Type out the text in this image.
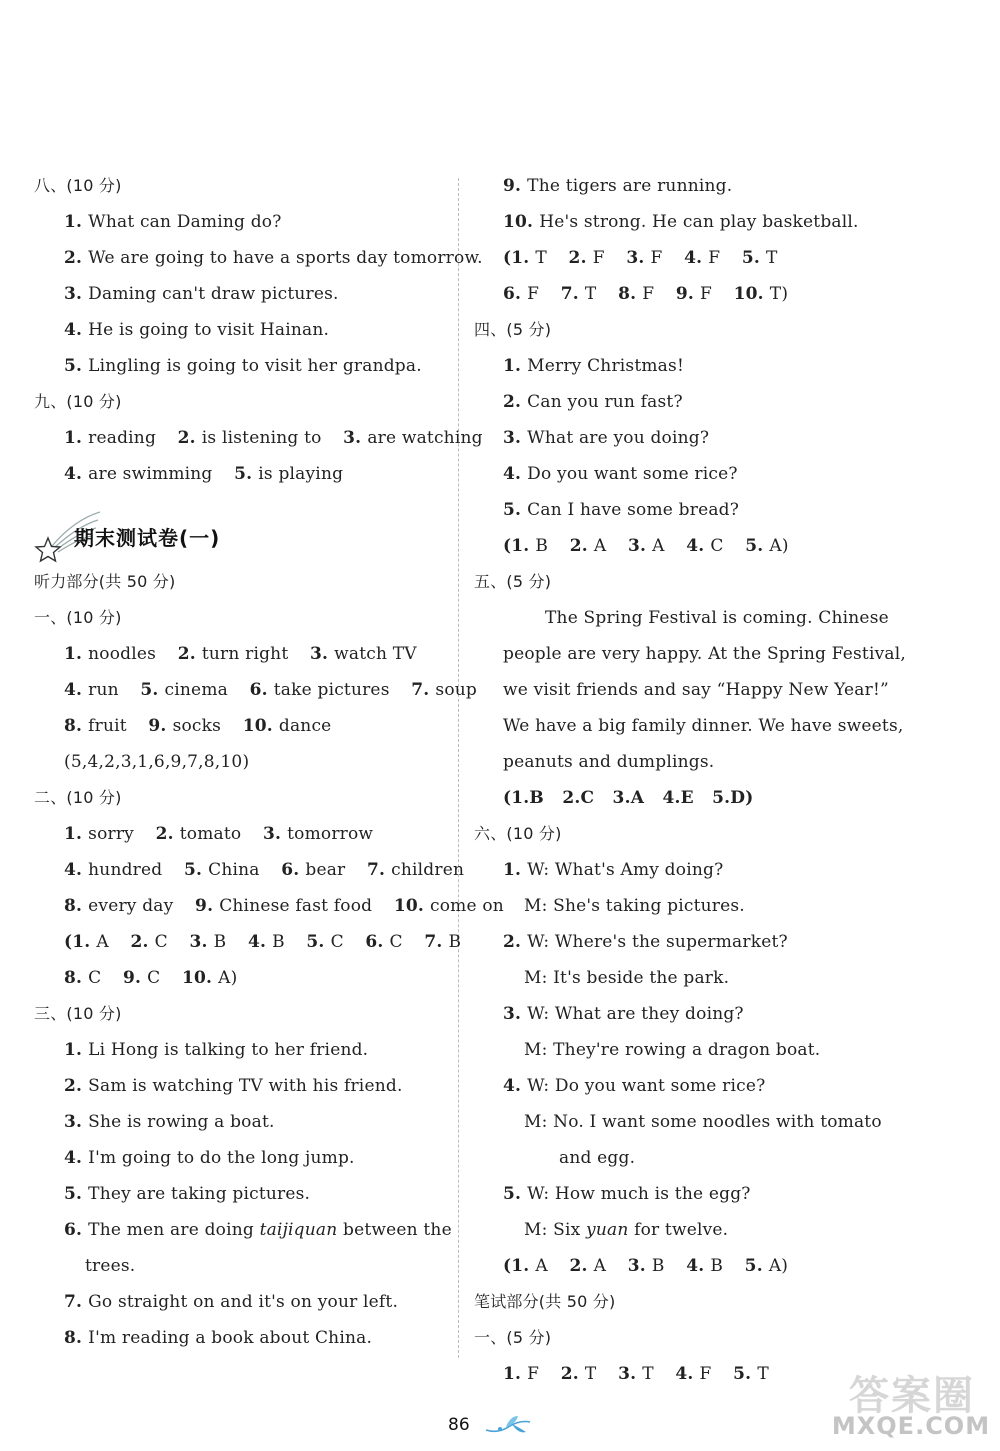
八、(10 分)
1. What can Daming do?
2. We are going to have a sports day tomorrow.
3. Daming can't draw pictures.
4. He is going to visit Hainan.
5. Lingling is going to visit her grandpa.
九、(10 分)
1. reading 2. is listening to 3. are watching
4. are swimming 5. is playing
期末测试卷(一)
听力部分(共 50 分)
一、(10 分)
1. noodles 2. turn right 3. watch TV
4. run 5. cinema 6. take pictures 7. soup
8. fruit 9. socks 10. dance
(5,4,2,3,1,6,9,7,8,10)
二、(10 分)
1. sorry 2. tomato 3. tomorrow
4. hundred 5. China 6. bear 7. children
8. every day 9. Chinese fast food 10. come on
(1. A 2. C 3. B 4. B 5. C 6. C 7. B
8. C 9. C 10. A)
三、(10 分)
1. Li Hong is talking to her friend.
2. Sam is watching TV with his friend.
3. She is rowing a boat.
4. I'm going to do the long jump.
5. They are taking pictures.
6. The men are doing taijiquan between the
trees.
7. Go straight on and it's on your left.
8. I'm reading a book about China.
9. The tigers are running.
10. He's strong. He can play basketball.
(1. T 2. F 3. F 4. F 5. T
6. F 7. T 8. F 9. F 10. T)
四、(5 分)
1. Merry Christmas!
2. Can you run fast?
3. What are you doing?
4. Do you want some rice?
5. Can I have some bread?
(1. B 2. A 3. A 4. C 5. A)
五、(5 分)
The Spring Festival is coming. Chinese
people are very happy. At the Spring Festival,
we visit friends and say “Happy New Year!”
We have a big family dinner. We have sweets,
peanuts and dumplings.
(1.B   2.C   3.A   4.E   5.D)
六、(10 分)
1. W: What's Amy doing?
M: She's taking pictures.
2. W: Where's the supermarket?
M: It's beside the park.
3. W: What are they doing?
M: They're rowing a dragon boat.
4. W: Do you want some rice?
M: No. I want some noodles with tomato
and egg.
5. W: How much is the egg?
M: Six yuan for twelve.
(1. A 2. A 3. B 4. B 5. A)
笔试部分(共 50 分)
一、(5 分)
1. F 2. T 3. T 4. F 5. T
86
答案圈
MXQE.COM
